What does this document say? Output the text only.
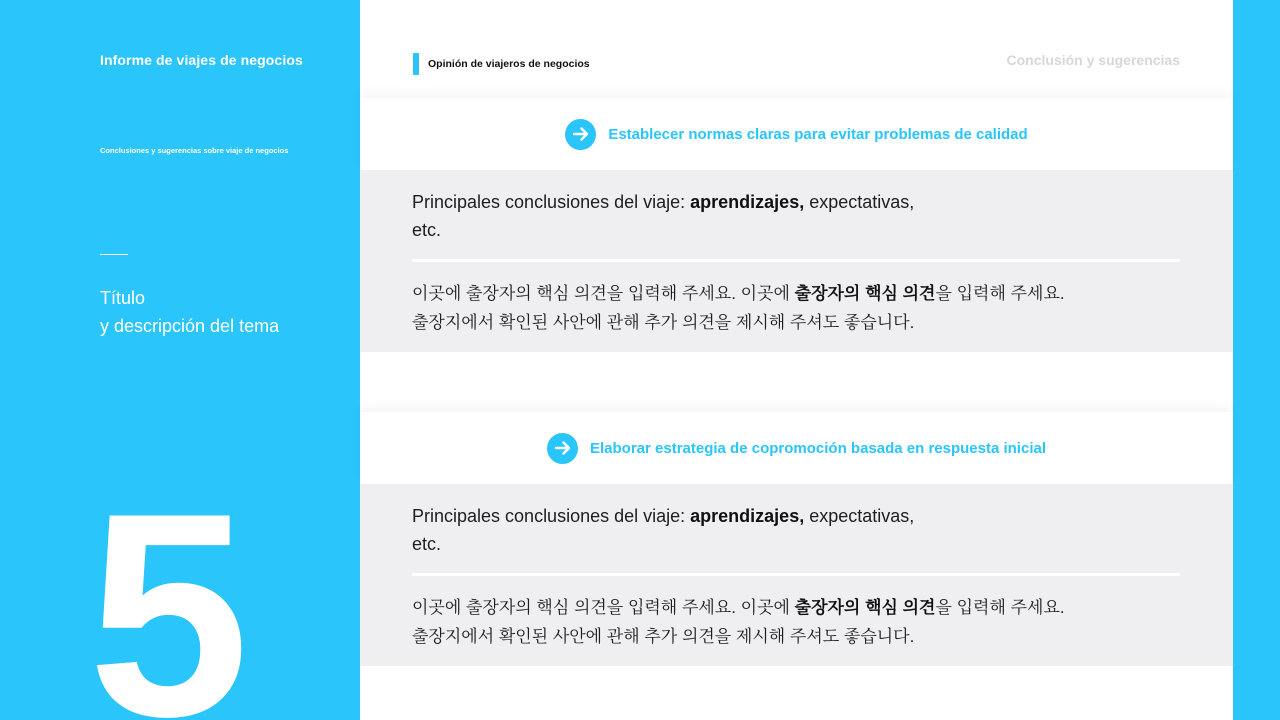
Informe de viajes de negocios
Conclusiones y sugerencias sobre viaje de negocios
Título
y descripción del tema
5
Opinión de viajeros de negocios	Conclusión y sugerencias
Establecer normas claras para evitar problemas de calidad
Principales conclusiones del viaje: aprendizajes, expectativas,
etc.
이곳에 출장자의 핵심 의견을 입력해 주세요. 이곳에 출장자의 핵심 의견을 입력해 주세요.
출장지에서 확인된 사안에 관해 추가 의견을 제시해 주셔도 좋습니다.
Elaborar estrategia de copromoción basada en respuesta inicial
Principales conclusiones del viaje: aprendizajes, expectativas,
etc.
이곳에 출장자의 핵심 의견을 입력해 주세요. 이곳에 출장자의 핵심 의견을 입력해 주세요.
출장지에서 확인된 사안에 관해 추가 의견을 제시해 주셔도 좋습니다.
